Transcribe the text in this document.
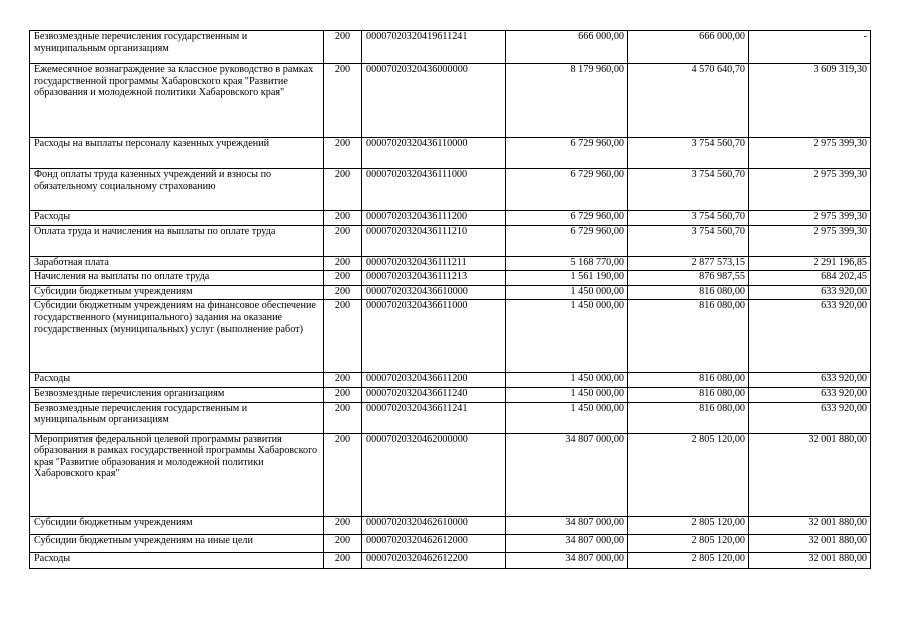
Безвозмездные перечисления государственным и муниципальным организациям	200	00007020320419611241	666 000,00	666 000,00	-
Ежемесячное вознаграждение за классное руководство в рамках государственной программы Хабаровского края "Развитие образования и молодежной политики Хабаровского края"	200	00007020320436000000	8 179 960,00	4 570 640,70	3 609 319,30
Расходы на выплаты персоналу казенных учреждений	200	00007020320436110000	6 729 960,00	3 754 560,70	2 975 399,30
Фонд оплаты труда казенных учреждений и взносы по обязательному социальному страхованию	200	00007020320436111000	6 729 960,00	3 754 560,70	2 975 399,30
Расходы	200	00007020320436111200	6 729 960,00	3 754 560,70	2 975 399,30
Оплата труда и начисления на выплаты по оплате труда	200	00007020320436111210	6 729 960,00	3 754 560,70	2 975 399,30
Заработная плата	200	00007020320436111211	5 168 770,00	2 877 573,15	2 291 196,85
Начисления на выплаты по оплате труда	200	00007020320436111213	1 561 190,00	876 987,55	684 202,45
Субсидии бюджетным учреждениям	200	00007020320436610000	1 450 000,00	816 080,00	633 920,00
Субсидии бюджетным учреждениям на финансовое обеспечение государственного (муниципального) задания на оказание государственных (муниципальных) услуг (выполнение работ)	200	00007020320436611000	1 450 000,00	816 080,00	633 920,00
Расходы	200	00007020320436611200	1 450 000,00	816 080,00	633 920,00
Безвозмездные перечисления организациям	200	00007020320436611240	1 450 000,00	816 080,00	633 920,00
Безвозмездные перечисления государственным и муниципальным организациям	200	00007020320436611241	1 450 000,00	816 080,00	633 920,00
Мероприятия федеральной целевой программы развития образования в рамках государственной программы Хабаровского края "Развитие образования и молодежной политики Хабаровского края"	200	00007020320462000000	34 807 000,00	2 805 120,00	32 001 880,00
Субсидии бюджетным учреждениям	200	00007020320462610000	34 807 000,00	2 805 120,00	32 001 880,00
Субсидии бюджетным учреждениям на иные цели	200	00007020320462612000	34 807 000,00	2 805 120,00	32 001 880,00
Расходы	200	00007020320462612200	34 807 000,00	2 805 120,00	32 001 880,00
